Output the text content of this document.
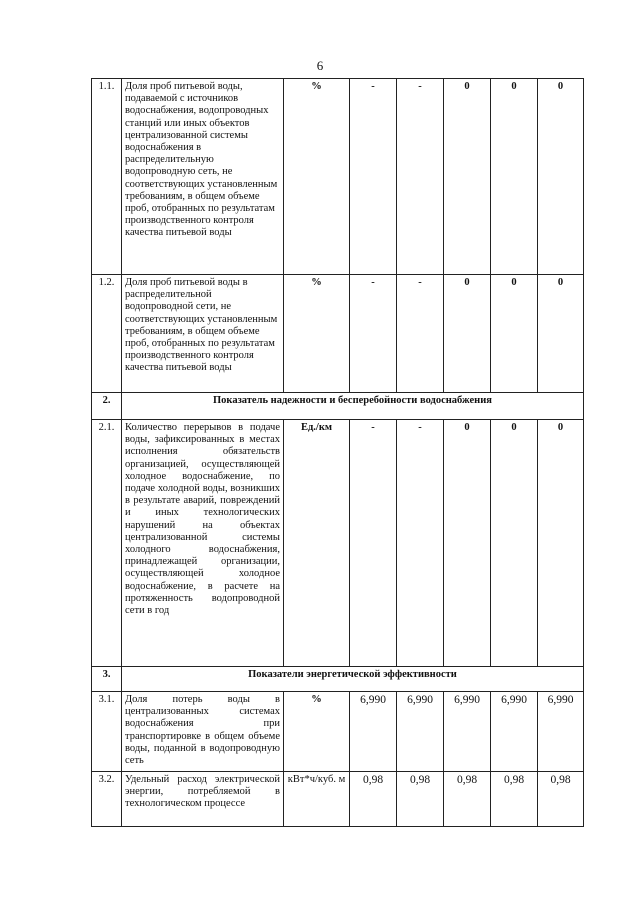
6
1.1.	Доля проб питьевой воды, подаваемой с источников водоснабжения, водопроводных станций или иных объектов централизованной системы водоснабжения в распределительную водопроводную сеть, не соответствующих установленным требованиям, в общем объеме проб, отобранных по результатам производственного контроля качества питьевой воды	%	-	-	0	0	0
1.2.	Доля проб питьевой воды в распределительной водопроводной сети, не соответствующих установленным требованиям, в общем объеме проб, отобранных по результатам производственного контроля качества питьевой воды	%	-	-	0	0	0
2.	Показатель надежности и бесперебойности водоснабжения						
2.1.	Количество перерывов в подаче воды, зафиксированных в местах исполнения обязательств организацией, осуществляющей холодное водоснабжение, по подаче холодной воды, возникших в результате аварий, повреждений и иных технологических нарушений на объектах централизованной системы холодного водоснабжения, принадлежащей организации, осуществляющей холодное водоснабжение, в расчете на протяженность водопроводной сети в год	Ед./км	-	-	0	0	0
3.	Показатели энергетической эффективности						
3.1.	Доля потерь воды в централизованных системах водоснабжения при транспортировке в общем объеме воды, поданной в водопроводную сеть	%	6,990	6,990	6,990	6,990	6,990
3.2.	Удельный расход электрической энергии, потребляемой в технологическом процессе	кВт*ч/куб. м	0,98	0,98	0,98	0,98	0,98
